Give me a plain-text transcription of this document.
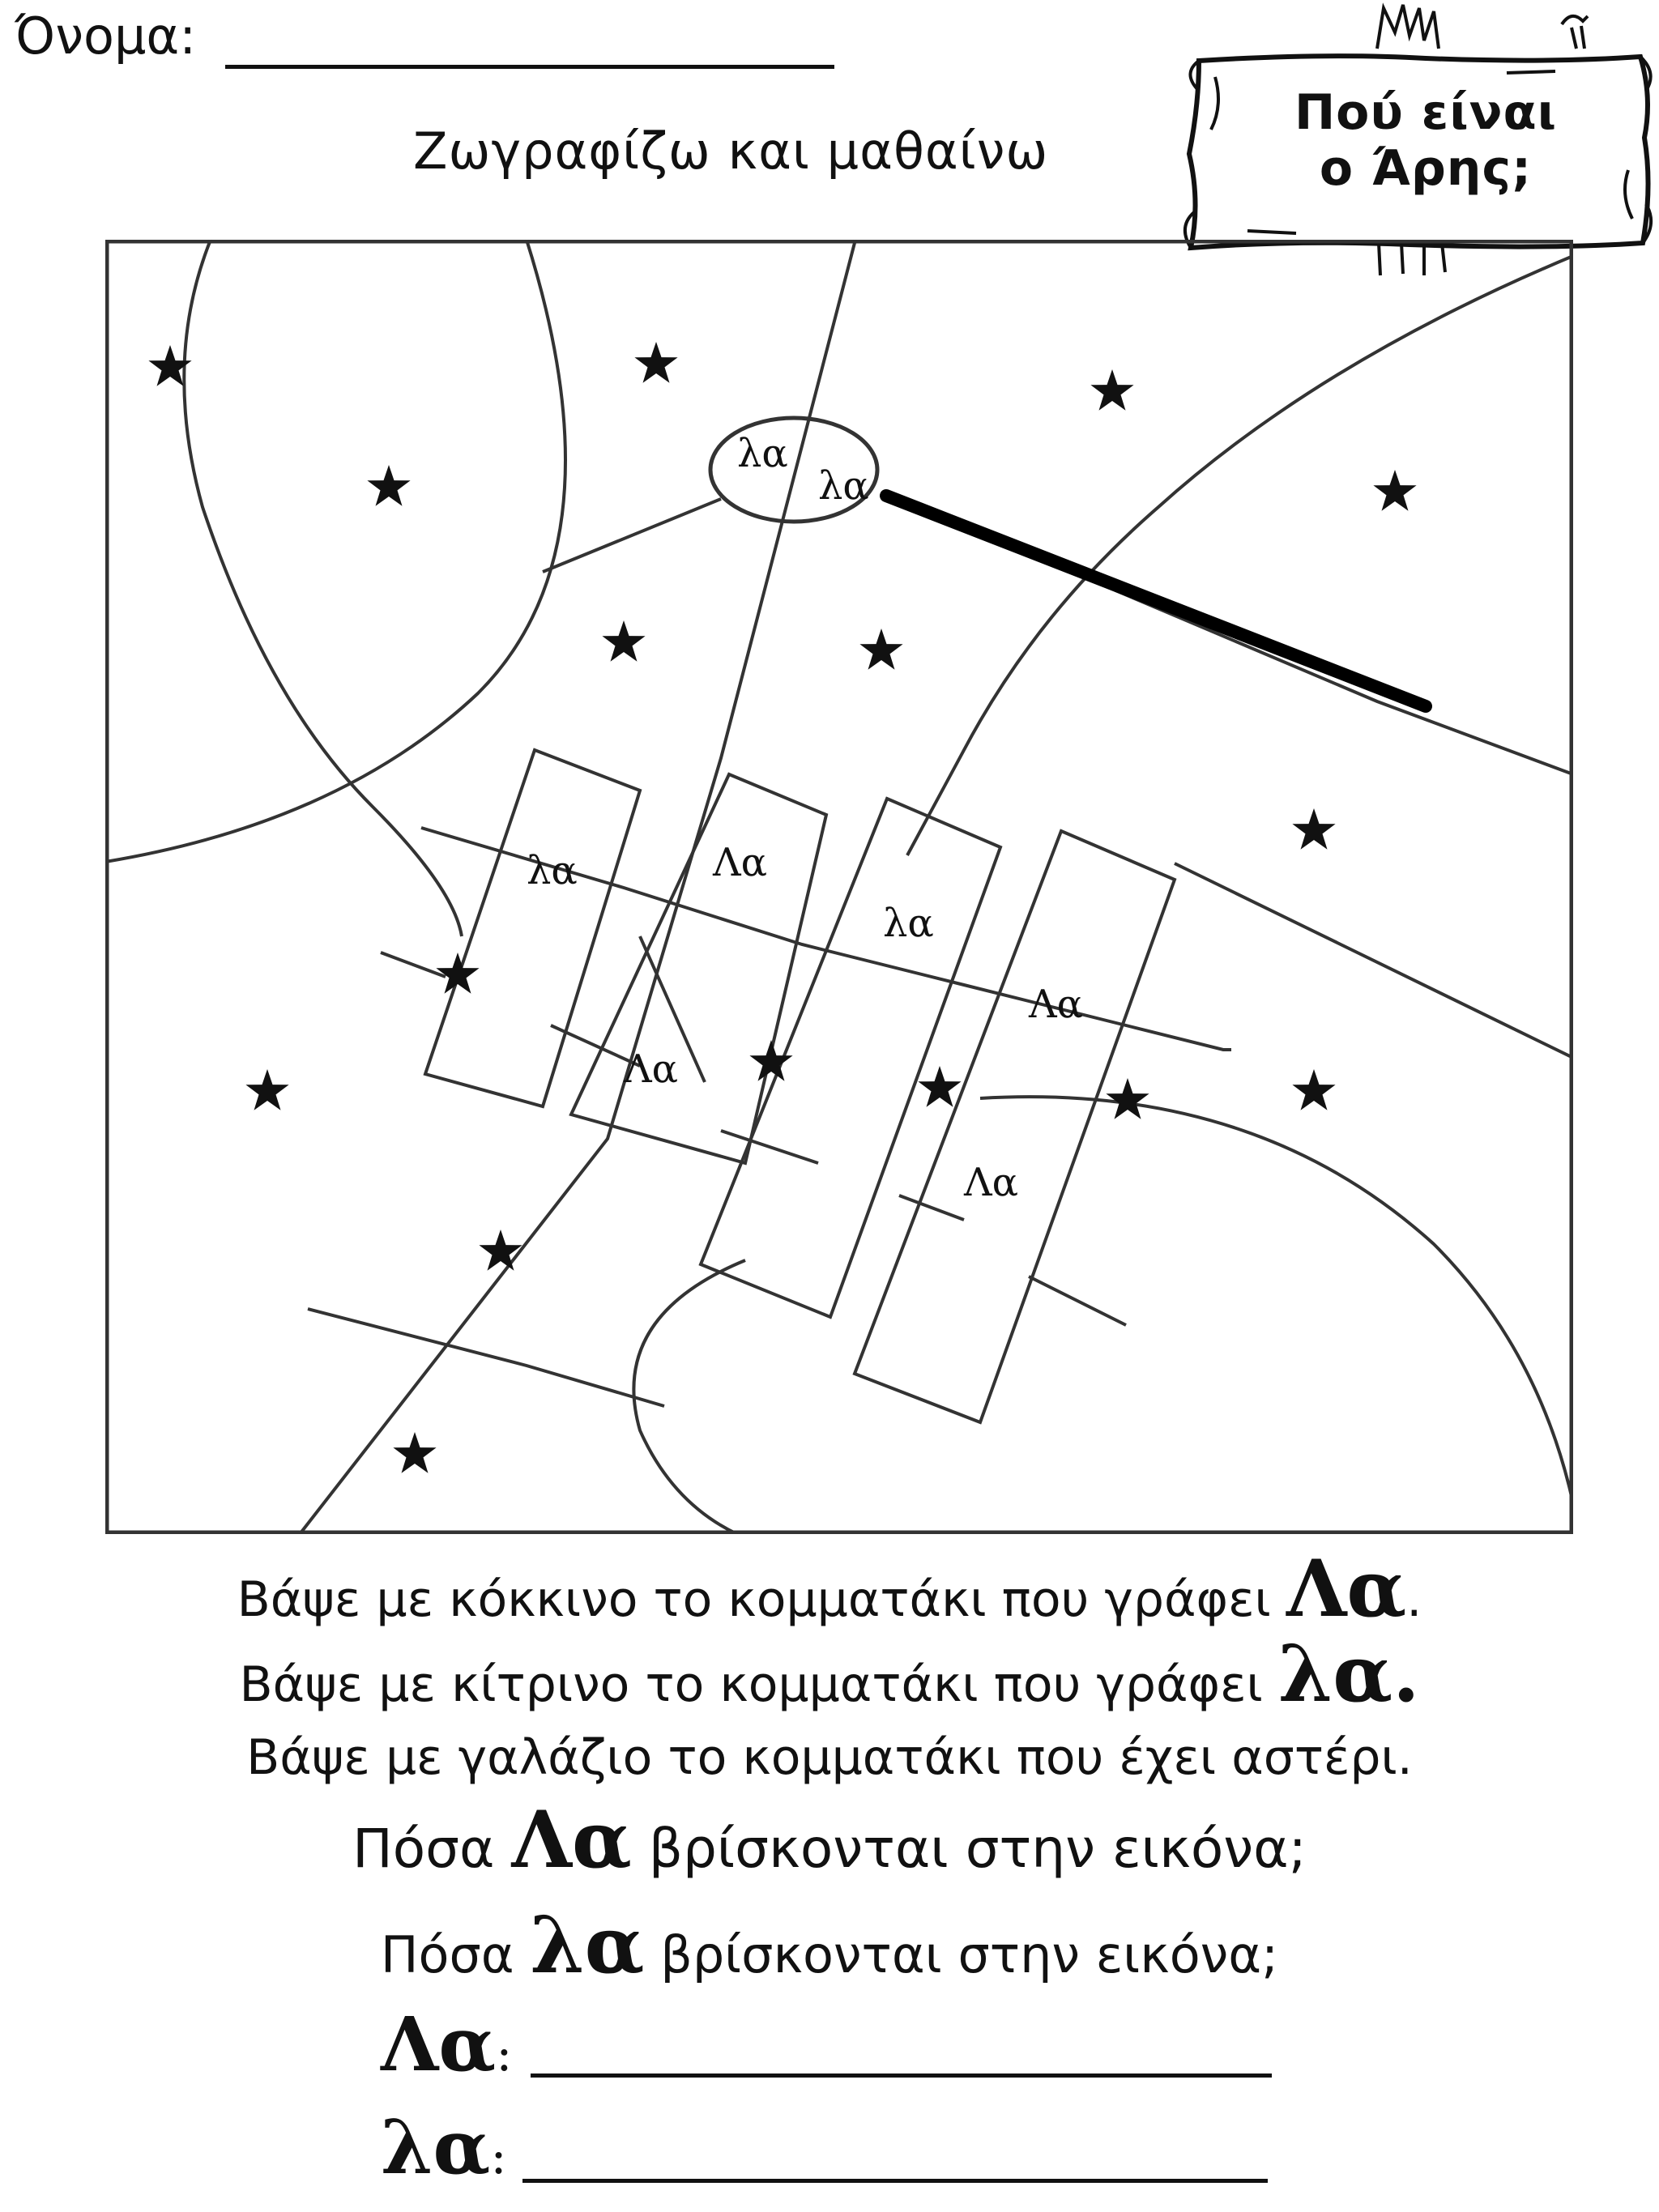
Όνομα:
Ζωγραφίζω και μαθαίνω
Πού είναι
ο Άρης;
λα
λα
λα	Λα
λα
Λα
Λα
Λα
Βάψε με κόκκινο το κομματάκι που γράφει Λα.
Βάψε με κίτρινο το κομματάκι που γράφει λα.
Βάψε με γαλάζιο το κομματάκι που έχει αστέρι.
Πόσα Λα βρίσκονται στην εικόνα;
Πόσα λα βρίσκονται στην εικόνα;
Λα:
λα:
